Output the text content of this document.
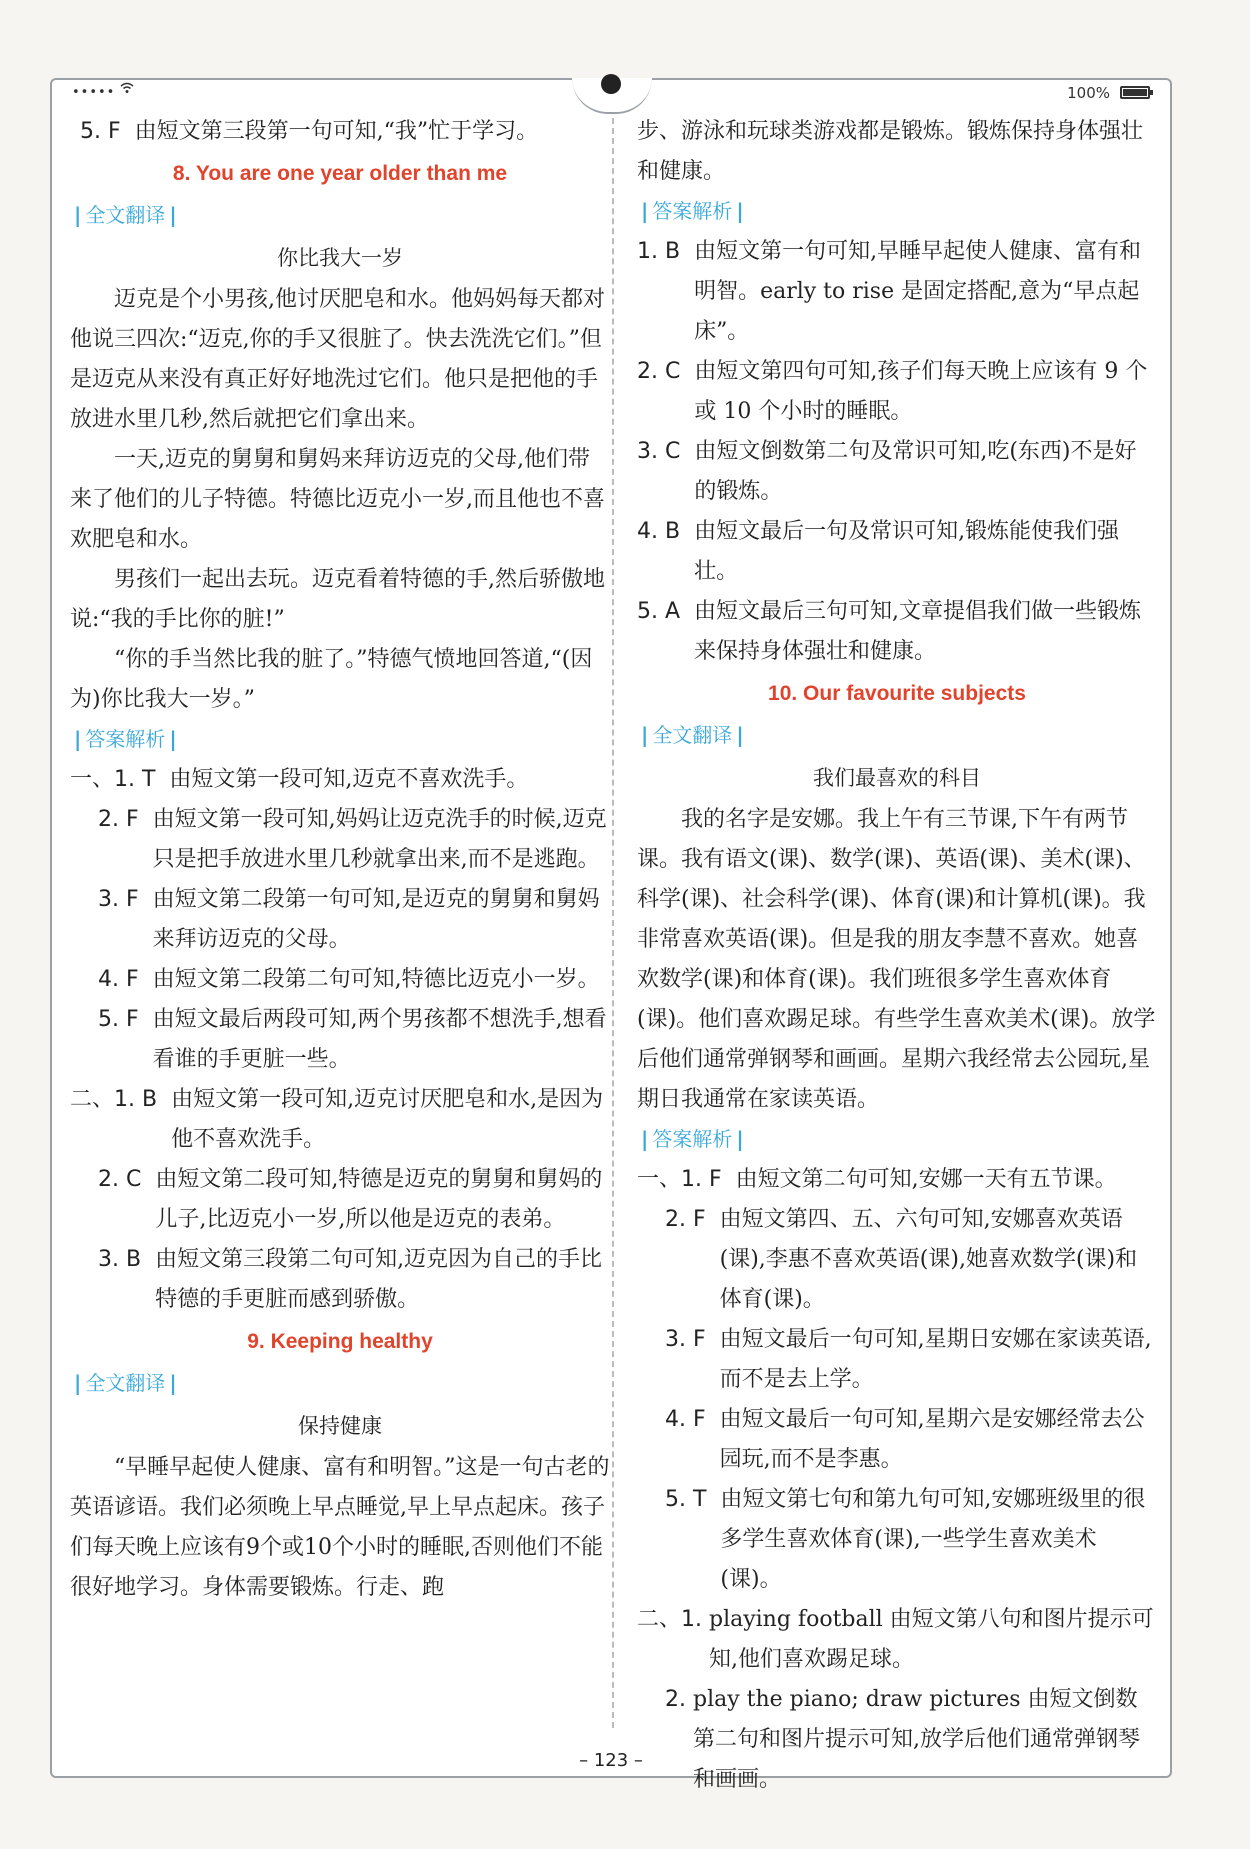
•••••	100%
5. F 由短文第三段第一句可知,“我”忙于学习。
8. You are one year older than me
| 全文翻译 |
你比我大一岁

迈克是个小男孩,他讨厌肥皂和水。他妈妈每天都对他说三四次:“迈克,你的手又很脏了。快去洗洗它们。”但是迈克从来没有真正好好地洗过它们。他只是把他的手放进水里几秒,然后就把它们拿出来。

一天,迈克的舅舅和舅妈来拜访迈克的父母,他们带来了他们的儿子特德。特德比迈克小一岁,而且他也不喜欢肥皂和水。

男孩们一起出去玩。迈克看着特德的手,然后骄傲地说:“我的手比你的脏!”

“你的手当然比我的脏了。”特德气愤地回答道,“(因为)你比我大一岁。”

| 答案解析 |
一、1. T 由短文第一段可知,迈克不喜欢洗手。
2. F 由短文第一段可知,妈妈让迈克洗手的时候,迈克只是把手放进水里几秒就拿出来,而不是逃跑。
3. F 由短文第二段第一句可知,是迈克的舅舅和舅妈来拜访迈克的父母。
4. F 由短文第二段第二句可知,特德比迈克小一岁。
5. F 由短文最后两段可知,两个男孩都不想洗手,想看看谁的手更脏一些。
二、1. B 由短文第一段可知,迈克讨厌肥皂和水,是因为他不喜欢洗手。
2. C 由短文第二段可知,特德是迈克的舅舅和舅妈的儿子,比迈克小一岁,所以他是迈克的表弟。
3. B 由短文第三段第二句可知,迈克因为自己的手比特德的手更脏而感到骄傲。
9. Keeping healthy
| 全文翻译 |
保持健康

“早睡早起使人健康、富有和明智。”这是一句古老的英语谚语。我们必须晚上早点睡觉,早上早点起床。孩子们每天晚上应该有9个或10个小时的睡眠,否则他们不能很好地学习。身体需要锻炼。行走、跑

步、游泳和玩球类游戏都是锻炼。锻炼保持身体强壮和健康。

| 答案解析 |
1. B 由短文第一句可知,早睡早起使人健康、富有和明智。early to rise 是固定搭配,意为“早点起床”。
2. C 由短文第四句可知,孩子们每天晚上应该有 9 个或 10 个小时的睡眠。
3. C 由短文倒数第二句及常识可知,吃(东西)不是好的锻炼。
4. B 由短文最后一句及常识可知,锻炼能使我们强壮。
5. A 由短文最后三句可知,文章提倡我们做一些锻炼来保持身体强壮和健康。
10. Our favourite subjects
| 全文翻译 |
我们最喜欢的科目

我的名字是安娜。我上午有三节课,下午有两节课。我有语文(课)、数学(课)、英语(课)、美术(课)、科学(课)、社会科学(课)、体育(课)和计算机(课)。我非常喜欢英语(课)。但是我的朋友李慧不喜欢。她喜欢数学(课)和体育(课)。我们班很多学生喜欢体育(课)。他们喜欢踢足球。有些学生喜欢美术(课)。放学后他们通常弹钢琴和画画。星期六我经常去公园玩,星期日我通常在家读英语。

| 答案解析 |
一、1. F 由短文第二句可知,安娜一天有五节课。
2. F 由短文第四、五、六句可知,安娜喜欢英语(课),李惠不喜欢英语(课),她喜欢数学(课)和体育(课)。
3. F 由短文最后一句可知,星期日安娜在家读英语,而不是去上学。
4. F 由短文最后一句可知,星期六是安娜经常去公园玩,而不是李惠。
5. T 由短文第七句和第九句可知,安娜班级里的很多学生喜欢体育(课),一些学生喜欢美术(课)。
二、1. playing football 由短文第八句和图片提示可知,他们喜欢踢足球。
2. play the piano; draw pictures 由短文倒数第二句和图片提示可知,放学后他们通常弹钢琴和画画。
– 123 –
